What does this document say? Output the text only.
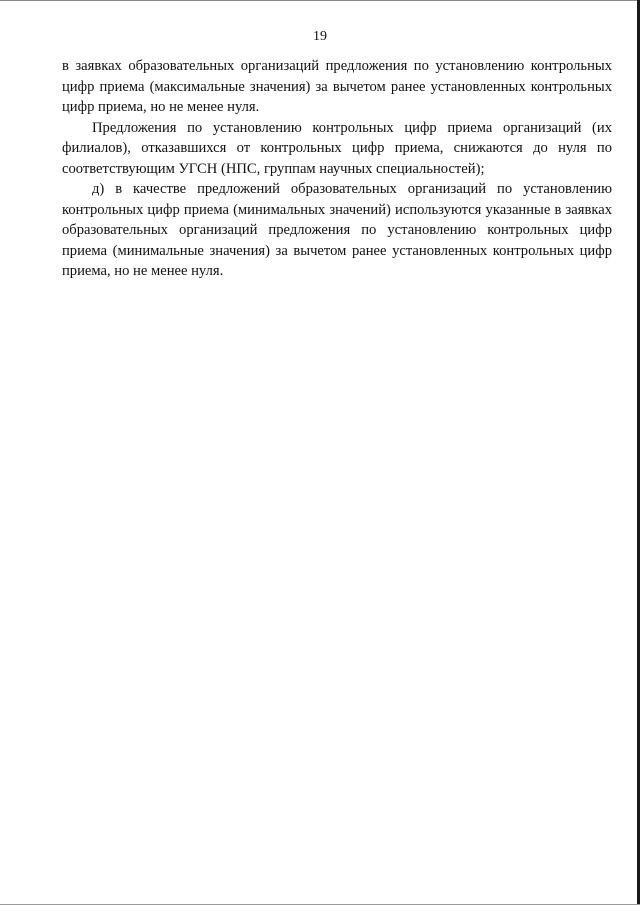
19

в заявках образовательных организаций предложения по установлению контрольных цифр приема (максимальные значения) за вычетом ранее установленных контрольных цифр приема, но не менее нуля.

Предложения по установлению контрольных цифр приема организаций (их филиалов), отказавшихся от контрольных цифр приема, снижаются до нуля по соответствующим УГСН (НПС, группам научных специальностей);

д) в качестве предложений образовательных организаций по установлению контрольных цифр приема (минимальных значений) используются указанные в заявках образовательных организаций предложения по установлению контрольных цифр приема (минимальные значения) за вычетом ранее установленных контрольных цифр приема, но не менее нуля.
